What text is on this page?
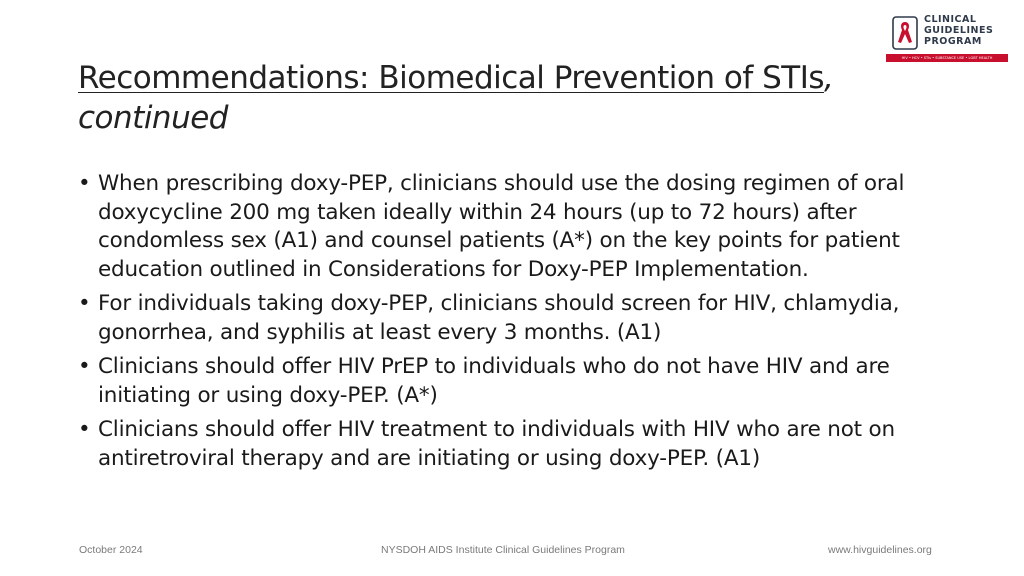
CLINICAL
GUIDELINES
PROGRAM
HIV • HCV • STIs • SUBSTANCE USE • LGBT HEALTH
Recommendations: Biomedical Prevention of STIs, continued
• When prescribing doxy-PEP, clinicians should use the dosing regimen of oral doxycycline 200 mg taken ideally within 24 hours (up to 72 hours) after condomless sex (A1) and counsel patients (A*) on the key points for patient education outlined in Considerations for Doxy-PEP Implementation.
• For individuals taking doxy-PEP, clinicians should screen for HIV, chlamydia, gonorrhea, and syphilis at least every 3 months. (A1)
• Clinicians should offer HIV PrEP to individuals who do not have HIV and are initiating or using doxy-PEP. (A*)
• Clinicians should offer HIV treatment to individuals with HIV who are not on antiretroviral therapy and are initiating or using doxy-PEP. (A1)
October 2024	NYSDOH AIDS Institute Clinical Guidelines Program	www.hivguidelines.org
